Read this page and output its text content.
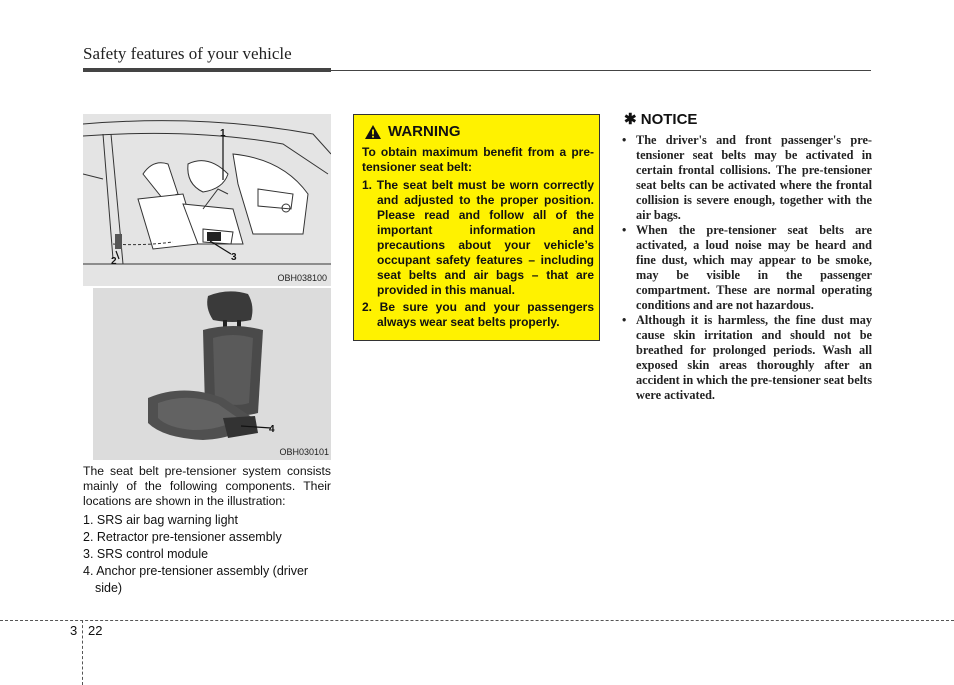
Safety features of your vehicle
1
2	3
OBH038100
4
OBH030101
The seat belt pre-tensioner system consists mainly of the following components. Their locations are shown in the illustration:
1. SRS air bag warning light
2. Retractor pre-tensioner assembly
3. SRS control module
4. Anchor pre-tensioner assembly (driver side)
WARNING
To obtain maximum benefit from a pre-tensioner seat belt:
1. The seat belt must be worn correctly and adjusted to the proper position. Please read and follow all of the important information and precautions about your vehicle’s occupant safety features – including seat belts and air bags – that are provided in this manual.
2. Be sure you and your passengers always wear seat belts properly.
✱ NOTICE
• The driver's and front passenger's pre-tensioner seat belts may be activated in certain frontal collisions. The pre-tensioner seat belts can be activated where the frontal collision is severe enough, together with the air bags.
• When the pre-tensioner seat belts are activated, a loud noise may be heard and fine dust, which may appear to be smoke, may be visible in the passenger compartment. These are normal operating conditions and are not hazardous.
• Although it is harmless, the fine dust may cause skin irritation and should not be breathed for prolonged periods. Wash all exposed skin areas thoroughly after an accident in which the pre-tensioner seat belts were activated.
3 22
